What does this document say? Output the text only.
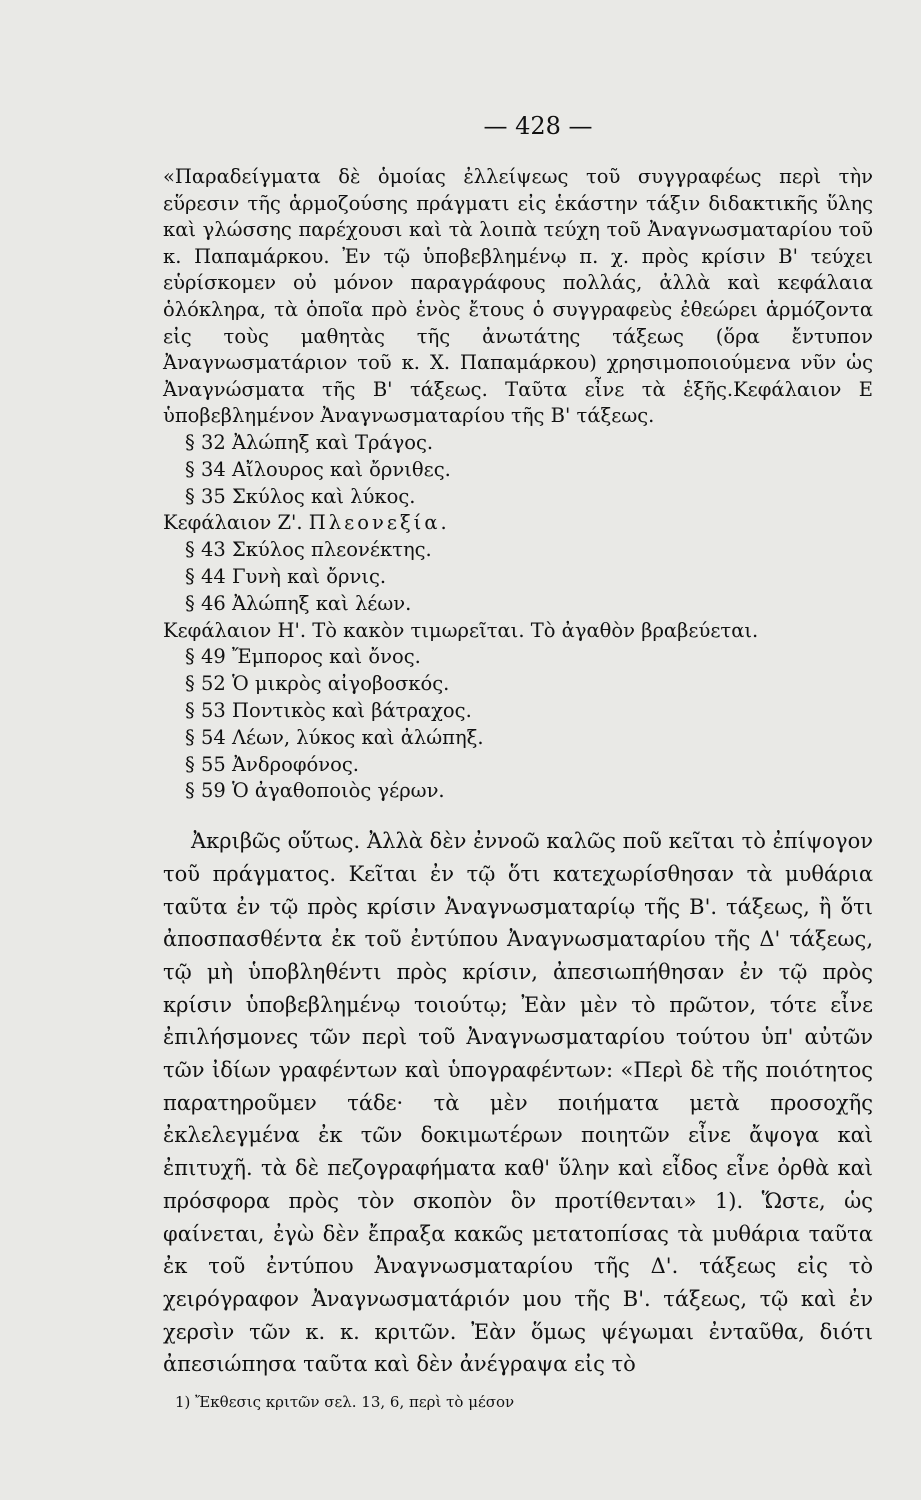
— 428 —

«Παραδείγματα δὲ ὁμοίας ἐλλείψεως τοῦ συγγραφέως περὶ τὴν εὕρεσιν τῆς ἁρμοζούσης πράγματι εἰς ἑκάστην τάξιν διδακτικῆς ὕλης καὶ γλώσσης παρέχουσι καὶ τὰ λοιπὰ τεύχη τοῦ Ἀναγνωσματαρίου τοῦ κ. Παπαμάρκου. Ἐν τῷ ὑποβεβλημένῳ π. χ. πρὸς κρίσιν Β' τεύχει εὑρίσκομεν οὐ μόνον παραγράφους πολλάς, ἀλλὰ καὶ κεφάλαια ὁλόκληρα, τὰ ὁποῖα πρὸ ἑνὸς ἔτους ὁ συγγραφεὺς ἐθεώρει ἁρμόζοντα εἰς τοὺς μαθητὰς τῆς ἀνωτάτης τάξεως (ὅρα ἔντυπον Ἀναγνωσματάριον τοῦ κ. Χ. Παπαμάρκου) χρησιμοποιούμενα νῦν ὡς Ἀναγνώσματα τῆς Β' τάξεως. Ταῦτα εἶνε τὰ ἑξῆς.Κεφάλαιον Ε ὑποβεβλημένον Ἀναγνωσματαρίου τῆς Β' τάξεως.

§ 32 Ἀλώπηξ καὶ Τράγος.
§ 34 Αἴλουρος καὶ ὄρνιθες.
§ 35 Σκύλος καὶ λύκος.
Κεφάλαιον Ζ'. Πλεονεξία.
§ 43 Σκύλος πλεονέκτης.
§ 44 Γυνὴ καὶ ὄρνις.
§ 46 Ἀλώπηξ καὶ λέων.
Κεφάλαιον Η'. Τὸ κακὸν τιμωρεῖται. Τὸ ἀγαθὸν βραβεύεται.
§ 49 Ἔμπορος καὶ ὄνος.
§ 52 Ὁ μικρὸς αἰγοβοσκός.
§ 53 Ποντικὸς καὶ βάτραχος.
§ 54 Λέων, λύκος καὶ ἀλώπηξ.
§ 55 Ἀνδροφόνος.
§ 59 Ὁ ἀγαθοποιὸς γέρων.

Ἀκριβῶς οὕτως. Ἀλλὰ δὲν ἐννοῶ καλῶς ποῦ κεῖται τὸ ἐπίψογον τοῦ πράγματος. Κεῖται ἐν τῷ ὅτι κατεχωρίσθησαν τὰ μυθάρια ταῦτα ἐν τῷ πρὸς κρίσιν Ἀναγνωσματαρίῳ τῆς Β'. τάξεως, ἢ ὅτι ἀποσπασθέντα ἐκ τοῦ ἐντύπου Ἀναγνωσματαρίου τῆς Δ' τάξεως, τῷ μὴ ὑποβληθέντι πρὸς κρίσιν, ἀπεσιωπήθησαν ἐν τῷ πρὸς κρίσιν ὑποβεβλημένῳ τοιούτῳ; Ἐὰν μὲν τὸ πρῶτον, τότε εἶνε ἐπιλήσμονες τῶν περὶ τοῦ Ἀναγνωσματαρίου τούτου ὑπ' αὐτῶν τῶν ἰδίων γραφέντων καὶ ὑπογραφέντων: «Περὶ δὲ τῆς ποιότητος παρατηροῦμεν τάδε· τὰ μὲν ποιήματα μετὰ προσοχῆς ἐκλελεγμένα ἐκ τῶν δοκιμωτέρων ποιητῶν εἶνε ἄψογα καὶ ἐπιτυχῆ. τὰ δὲ πεζογραφήματα καθ' ὕλην καὶ εἶδος εἶνε ὀρθὰ καὶ πρόσφορα πρὸς τὸν σκοπὸν ὃν προτίθενται» 1). Ὥστε, ὡς φαίνεται, ἐγὼ δὲν ἔπραξα κακῶς μετατοπίσας τὰ μυθάρια ταῦτα ἐκ τοῦ ἐντύπου Ἀναγνωσματαρίου τῆς Δ'. τάξεως εἰς τὸ χειρόγραφον Ἀναγνωσματάριόν μου τῆς Β'. τάξεως, τῷ καὶ ἐν χερσὶν τῶν κ. κ. κριτῶν. Ἐὰν ὅμως ψέγωμαι ἐνταῦθα, διότι ἀπεσιώπησα ταῦτα καὶ δὲν ἀνέγραψα εἰς τὸ

1) Ἔκθεσις κριτῶν σελ. 13, 6, περὶ τὸ μέσον
